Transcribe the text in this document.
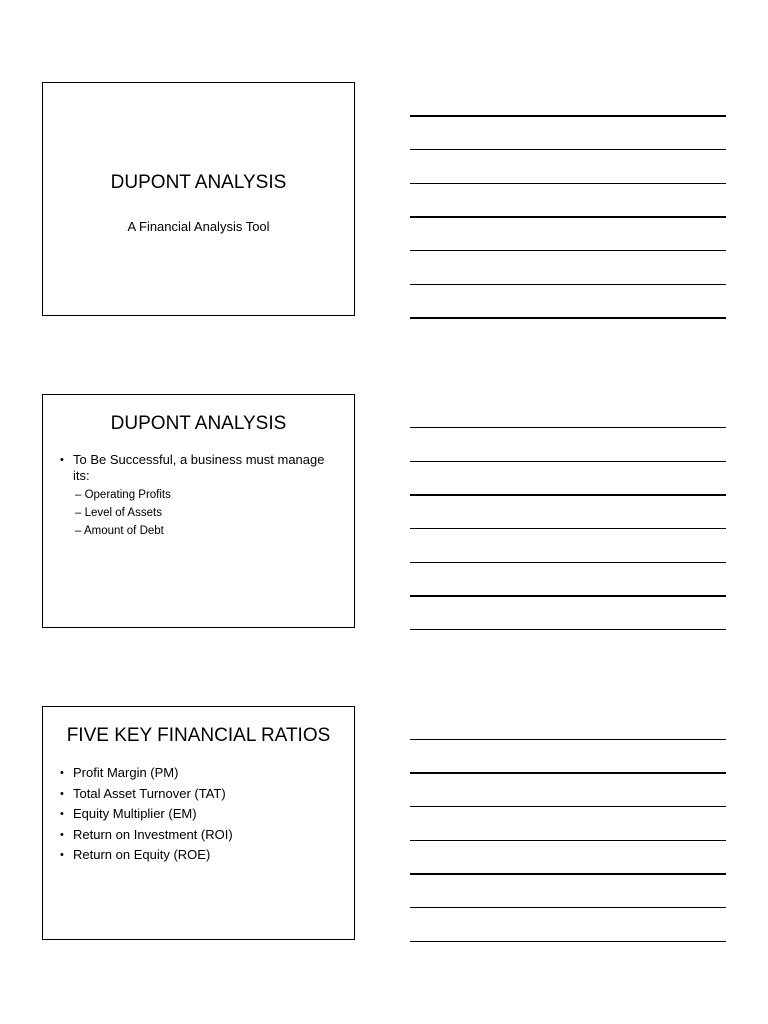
DUPONT ANALYSIS
A Financial Analysis Tool
DUPONT ANALYSIS
• To Be Successful, a business must manage its:
– Operating Profits
– Level of Assets
– Amount of Debt
FIVE KEY FINANCIAL RATIOS
• Profit Margin (PM)
• Total Asset Turnover (TAT)
• Equity Multiplier (EM)
• Return on Investment (ROI)
• Return on Equity (ROE)
